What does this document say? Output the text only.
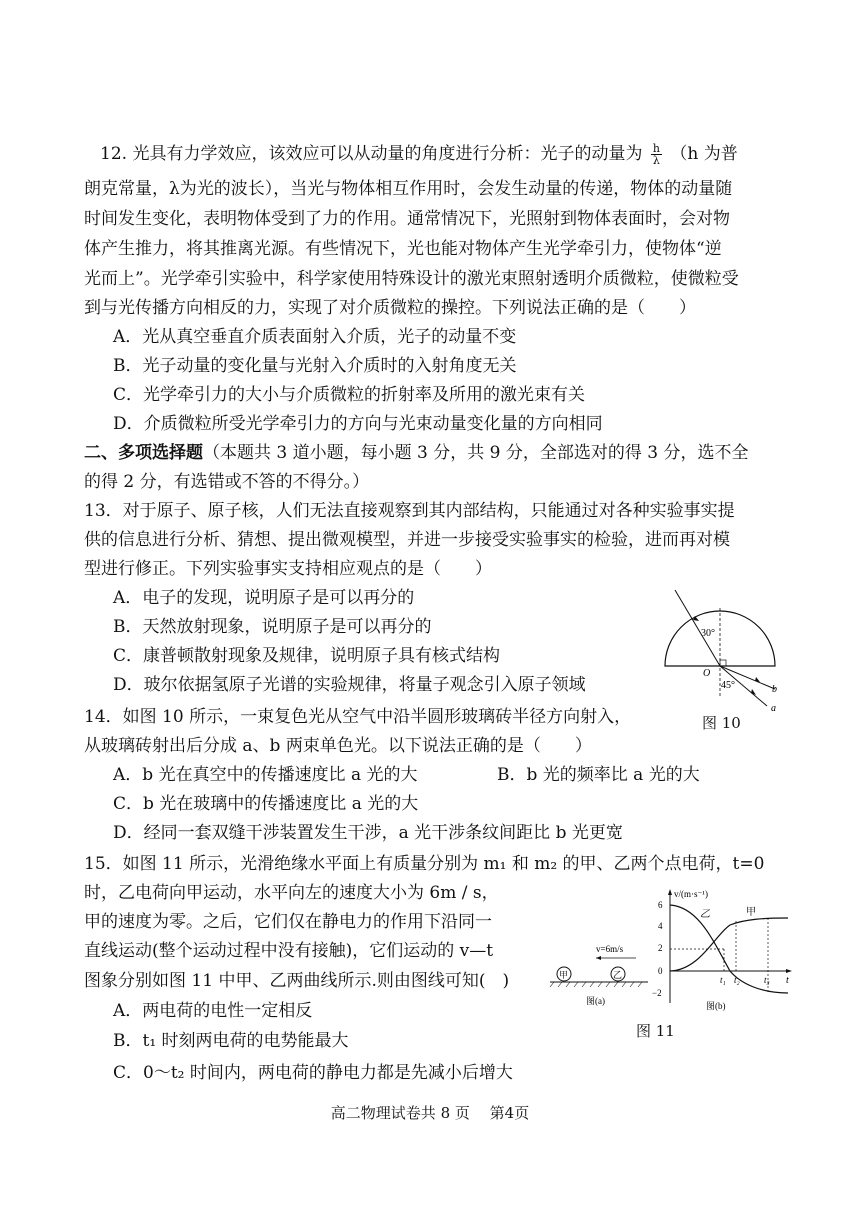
12. 光具有力学效应，该效应可以从动量的角度进行分析：光子的动量为 $\frac{h}{\lambda} (h$ 为普
朗克常量，λ为光的波长），当光与物体相互作用时，会发生动量的传递，物体的动量随
时间发生变化，表明物体受到了力的作用。通常情况下，光照射到物体表面时，会对物
体产生推力，将其推离光源。有些情况下，光也能对物体产生光学牵引力，使物体“逆
光而上”。光学牵引实验中，科学家使用特殊设计的激光束照射透明介质微粒，使微粒受
到与光传播方向相反的力，实现了对介质微粒的操控。下列说法正确的是（　　）
A．光从真空垂直介质表面射入介质，光子的动量不变
B．光子动量的变化量与光射入介质时的入射角度无关
C．光学牵引力的大小与介质微粒的折射率及所用的激光束有关
D．介质微粒所受光学牵引力的方向与光束动量变化量的方向相同
二、多项选择题（本题共 3 道小题，每小题 3 分，共 9 分，全部选对的得 3 分，选不全
的得 2 分，有选错或不答的不得分。）
13．对于原子、原子核，人们无法直接观察到其内部结构，只能通过对各种实验事实提
供的信息进行分析、猜想、提出微观模型，并进一步接受实验事实的检验，进而再对模
型进行修正。下列实验事实支持相应观点的是（　　）
A．电子的发现，说明原子是可以再分的
B．天然放射现象，说明原子是可以再分的
C．康普顿散射现象及规律，说明原子具有核式结构
D．玻尔依据氢原子光谱的实验规律，将量子观念引入原子领域
30°
45°
O
a
b
图 10
14．如图 10 所示，一束复色光从空气中沿半圆形玻璃砖半径方向射入，
从玻璃砖射出后分成 a、b 两束单色光。以下说法正确的是（　　）
A．b 光在真空中的传播速度比 a 光的大	B．b 光的频率比 a 光的大
C．b 光在玻璃中的传播速度比 a 光的大
D．经同一套双缝干涉装置发生干涉，a 光干涉条纹间距比 b 光更宽
15．如图 11 所示，光滑绝缘水平面上有质量分别为 m₁ 和 m₂ 的甲、乙两个点电荷，t=0
时，乙电荷向甲运动，水平向左的速度大小为 6m / s，
甲的速度为零。之后，它们仅在静电力的作用下沿同一
直线运动(整个运动过程中没有接触)，它们运动的 v—t
图象分别如图 11 中甲、乙两曲线所示.则由图线可知(　)
A．两电荷的电性一定相反
B．t₁ 时刻两电荷的电势能最大
C．0～t₂ 时间内，两电荷的静电力都是先减小后增大
甲	乙
v=6m/s
图(a)
v/(m·s⁻¹)
t
6
4
2
0
−2
乙	甲
t₁ t₂	t₃
图(b)
图 11
高二物理试卷共 8 页　 第4页
